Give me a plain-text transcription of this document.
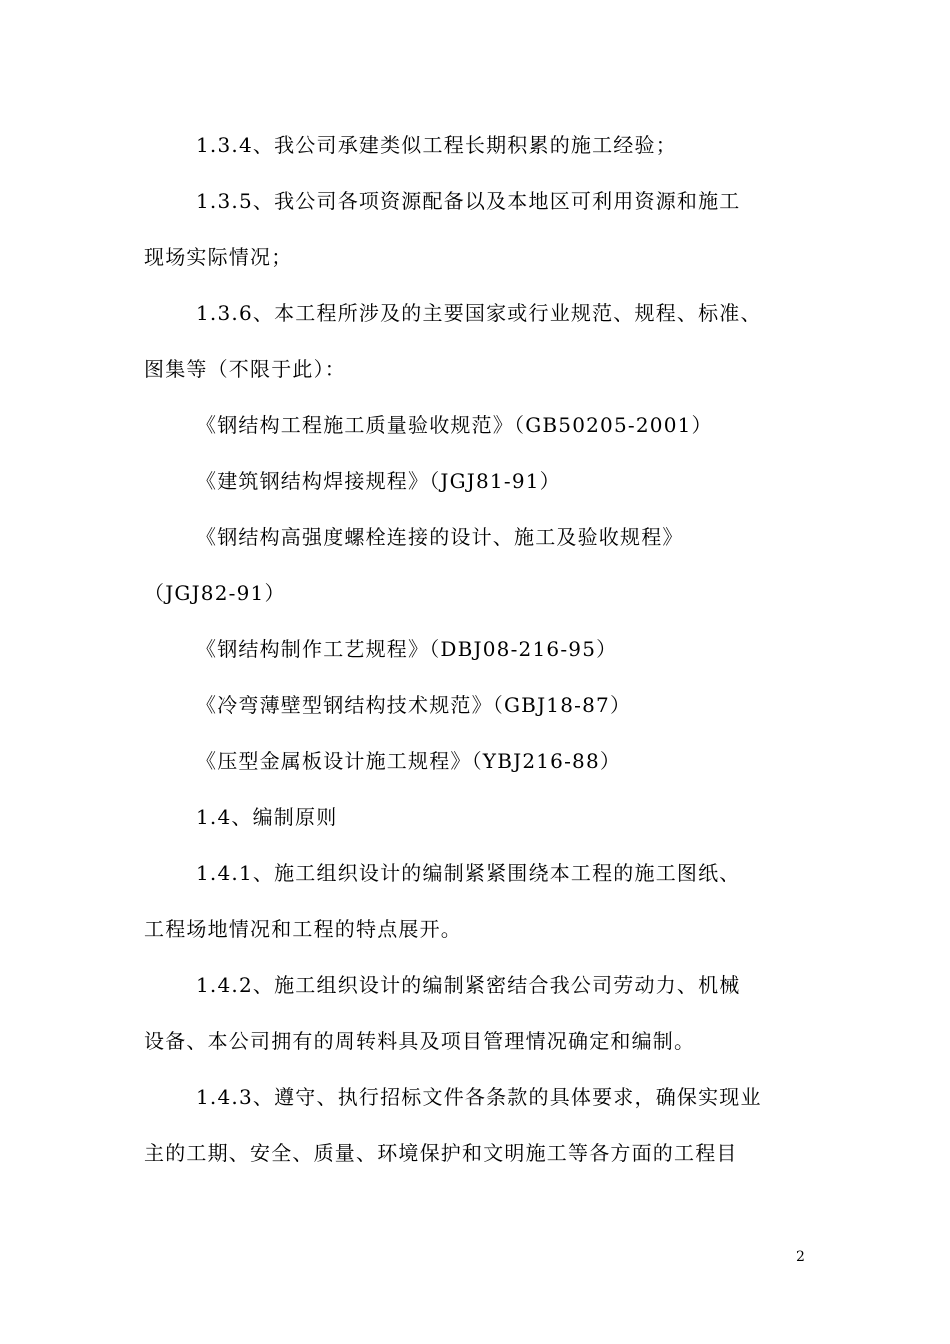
1.3.4、我公司承建类似工程长期积累的施工经验；
1.3.5、我公司各项资源配备以及本地区可利用资源和施工
现场实际情况；
1.3.6、本工程所涉及的主要国家或行业规范、规程、标准、
图集等（不限于此）：
《钢结构工程施工质量验收规范》（GB50205-2001）
《建筑钢结构焊接规程》（JGJ81-91）
《钢结构高强度螺栓连接的设计、施工及验收规程》
（JGJ82-91）
《钢结构制作工艺规程》（DBJ08-216-95）
《冷弯薄壁型钢结构技术规范》（GBJ18-87）
《压型金属板设计施工规程》（YBJ216-88）
1.4、编制原则
1.4.1、施工组织设计的编制紧紧围绕本工程的施工图纸、
工程场地情况和工程的特点展开。
1.4.2、施工组织设计的编制紧密结合我公司劳动力、机械
设备、本公司拥有的周转料具及项目管理情况确定和编制。
1.4.3、遵守、执行招标文件各条款的具体要求，确保实现业
主的工期、安全、质量、环境保护和文明施工等各方面的工程目
2
